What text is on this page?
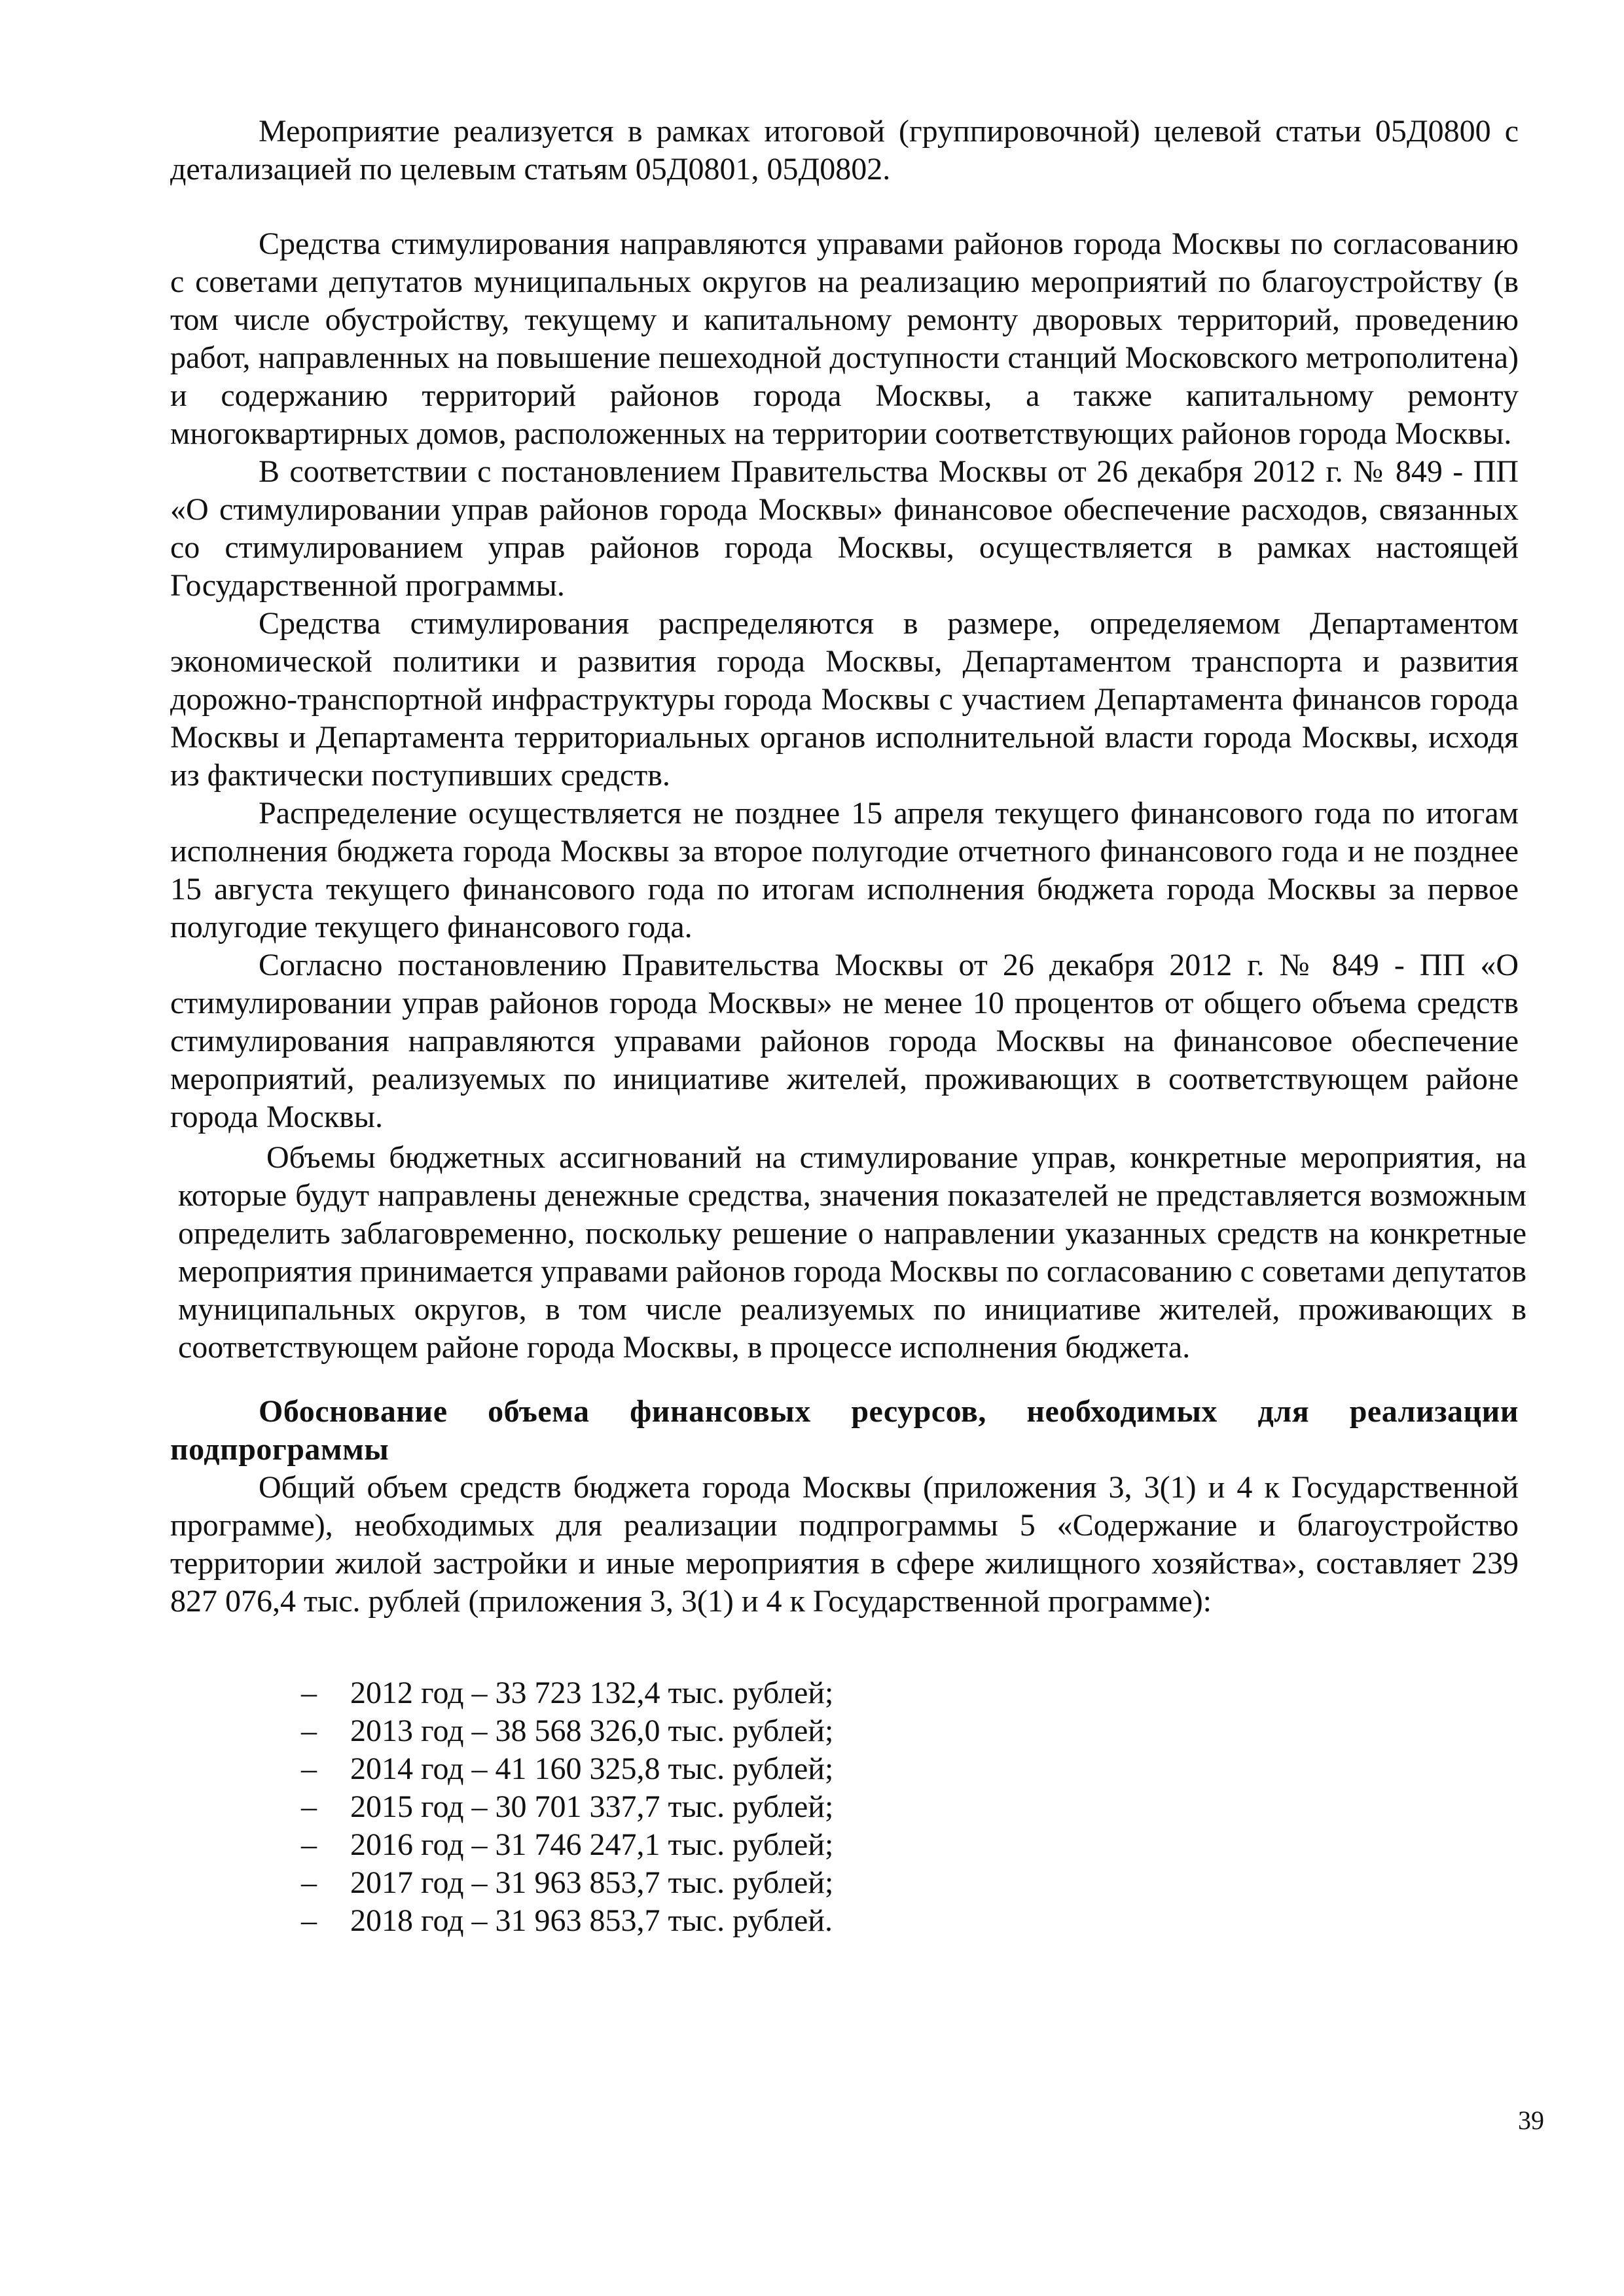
Мероприятие реализуется в рамках итоговой (группировочной) целевой статьи 05Д0800 с детализацией по целевым статьям 05Д0801, 05Д0802.

Средства стимулирования направляются управами районов города Москвы по согласованию с советами депутатов муниципальных округов на реализацию мероприятий по благоустройству (в том числе обустройству, текущему и капитальному ремонту дворовых территорий, проведению работ, направленных на повышение пешеходной доступности станций Московского метрополитена) и содержанию территорий районов города Москвы, а также капитальному ремонту многоквартирных домов, расположенных на территории соответствующих районов города Москвы.

В соответствии с постановлением Правительства Москвы от 26 декабря 2012 г. № 849 - ПП «О стимулировании управ районов города Москвы» финансовое обеспечение расходов, связанных со стимулированием управ районов города Москвы, осуществляется в рамках настоящей Государственной программы.

Средства стимулирования распределяются в размере, определяемом Департаментом экономической политики и развития города Москвы, Департаментом транспорта и развития дорожно-транспортной инфраструктуры города Москвы с участием Департамента финансов города Москвы и Департамента территориальных органов исполнительной власти города Москвы, исходя из фактически поступивших средств.

Распределение осуществляется не позднее 15 апреля текущего финансового года по итогам исполнения бюджета города Москвы за второе полугодие отчетного финансового года и не позднее 15 августа текущего финансового года по итогам исполнения бюджета города Москвы за первое полугодие текущего финансового года.

Согласно постановлению Правительства Москвы от 26 декабря 2012 г. № 849 - ПП «О стимулировании управ районов города Москвы» не менее 10 процентов от общего объема средств стимулирования направляются управами районов города Москвы на финансовое обеспечение мероприятий, реализуемых по инициативе жителей, проживающих в соответствующем районе города Москвы.

Объемы бюджетных ассигнований на стимулирование управ, конкретные мероприятия, на которые будут направлены денежные средства, значения показателей не представляется возможным определить заблаговременно, поскольку решение о направлении указанных средств на конкретные мероприятия принимается управами районов города Москвы по согласованию с советами депутатов муниципальных округов, в том числе реализуемых по инициативе жителей, проживающих в соответствующем районе города Москвы, в процессе исполнения бюджета.

Обоснование объема финансовых ресурсов, необходимых для реализации подпрограммы

Общий объем средств бюджета города Москвы (приложения 3, 3(1) и 4 к Государственной программе), необходимых для реализации подпрограммы 5 «Содержание и благоустройство территории жилой застройки и иные мероприятия в сфере жилищного хозяйства», составляет 239 827 076,4 тыс. рублей (приложения 3, 3(1) и 4 к Государственной программе):

–	2012 год – 33 723 132,4 тыс. рублей;
–	2013 год – 38 568 326,0 тыс. рублей;
–	2014 год – 41 160 325,8 тыс. рублей;
–	2015 год – 30 701 337,7 тыс. рублей;
–	2016 год – 31 746 247,1 тыс. рублей;
–	2017 год – 31 963 853,7 тыс. рублей;
–	2018 год – 31 963 853,7 тыс. рублей.
39
